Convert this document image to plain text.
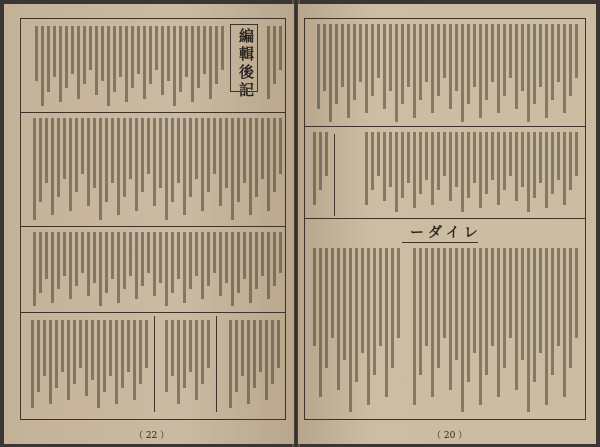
編輯後記
（ 22 ）
ーダイレ
（ 20 ）
